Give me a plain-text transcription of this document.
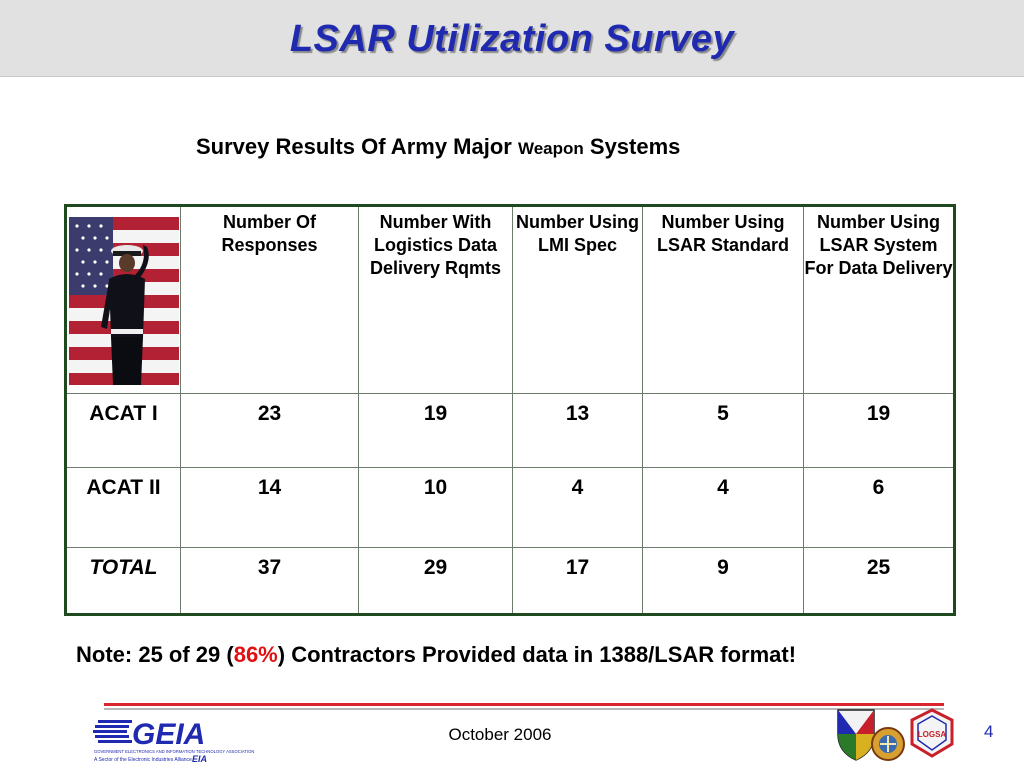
LSAR Utilization Survey
Survey Results Of Army Major Weapon Systems
	Number Of Responses	Number With Logistics Data Delivery Rqmts	Number Using LMI Spec	Number Using LSAR Standard	Number Using LSAR System For Data Delivery
ACAT I	23	19	13	5	19
ACAT II	14	10	4	4	6
TOTAL	37	29	17	9	25
Note: 25 of 29 (86%) Contractors Provided data in 1388/LSAR format!
GEIA
GOVERNMENT ELECTRONICS AND INFORMATION TECHNOLOGY ASSOCIATION
A Sector of the Electronic Industries Alliance EIA
October 2006	4
LOGSA
